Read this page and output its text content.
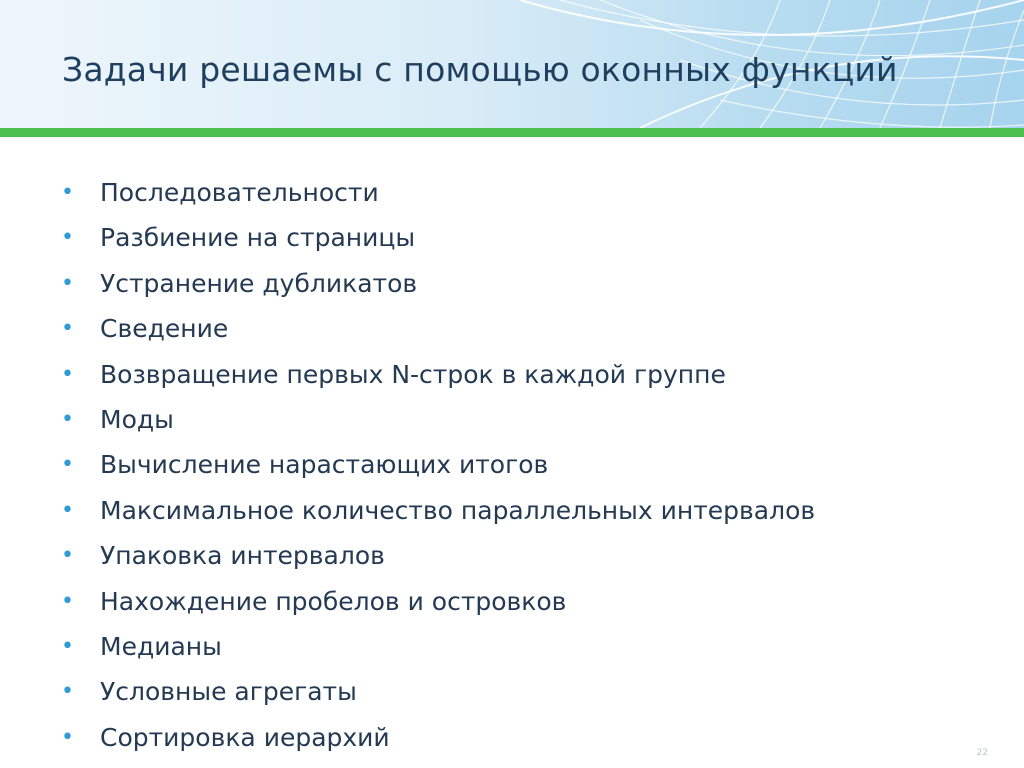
Задачи решаемы с помощью оконных функций
• Последовательности
• Разбиение на страницы
• Устранение дубликатов
• Сведение
• Возвращение первых N-строк в каждой группе
• Моды
• Вычисление нарастающих итогов
• Максимальное количество параллельных интервалов
• Упаковка интервалов
• Нахождение пробелов и островков
• Медианы
• Условные агрегаты
• Сортировка иерархий
22
